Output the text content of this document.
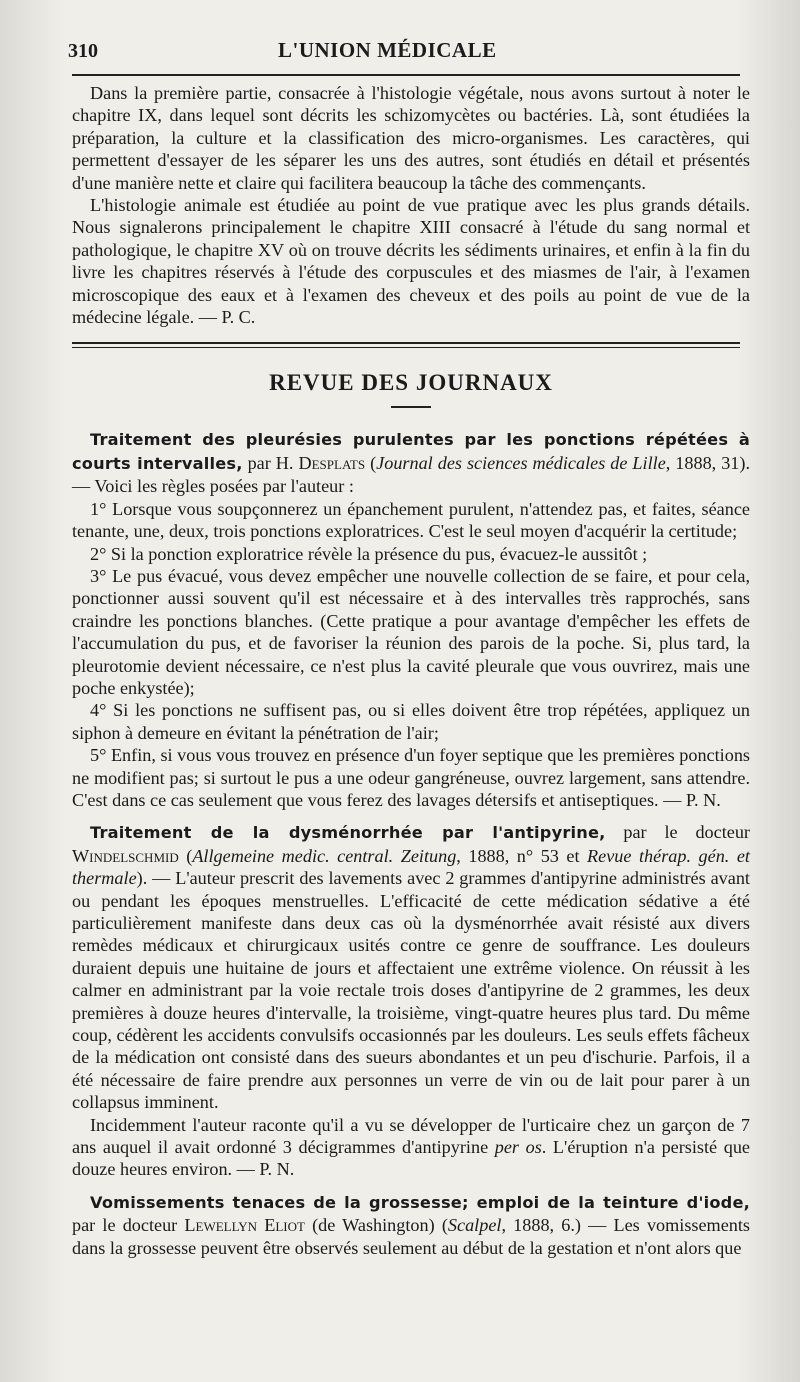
310	L'UNION MÉDICALE

Dans la première partie, consacrée à l'histologie végétale, nous avons surtout à noter le chapitre IX, dans lequel sont décrits les schizomycètes ou bactéries. Là, sont étudiées la préparation, la culture et la classification des micro-organismes. Les caractères, qui permettent d'essayer de les séparer les uns des autres, sont étudiés en détail et présentés d'une manière nette et claire qui facilitera beaucoup la tâche des commençants.

L'histologie animale est étudiée au point de vue pratique avec les plus grands détails. Nous signalerons principalement le chapitre XIII consacré à l'étude du sang normal et pathologique, le chapitre XV où on trouve décrits les sédiments urinaires, et enfin à la fin du livre les chapitres réservés à l'étude des corpuscules et des miasmes de l'air, à l'examen microscopique des eaux et à l'examen des cheveux et des poils au point de vue de la médecine légale. — P. C.

REVUE DES JOURNAUX

Traitement des pleurésies purulentes par les ponctions répétées à courts intervalles, par H. Desplats (Journal des sciences médicales de Lille, 1888, 31). — Voici les règles posées par l'auteur :

1° Lorsque vous soupçonnerez un épanchement purulent, n'attendez pas, et faites, séance tenante, une, deux, trois ponctions exploratrices. C'est le seul moyen d'acquérir la certitude;

2° Si la ponction exploratrice révèle la présence du pus, évacuez-le aussitôt ;

3° Le pus évacué, vous devez empêcher une nouvelle collection de se faire, et pour cela, ponctionner aussi souvent qu'il est nécessaire et à des intervalles très rapprochés, sans craindre les ponctions blanches. (Cette pratique a pour avantage d'empêcher les effets de l'accumulation du pus, et de favoriser la réunion des parois de la poche. Si, plus tard, la pleurotomie devient nécessaire, ce n'est plus la cavité pleurale que vous ouvrirez, mais une poche enkystée);

4° Si les ponctions ne suffisent pas, ou si elles doivent être trop répétées, appliquez un siphon à demeure en évitant la pénétration de l'air;

5° Enfin, si vous vous trouvez en présence d'un foyer septique que les premières ponctions ne modifient pas; si surtout le pus a une odeur gangréneuse, ouvrez largement, sans attendre. C'est dans ce cas seulement que vous ferez des lavages détersifs et antiseptiques. — P. N.

Traitement de la dysménorrhée par l'antipyrine, par le docteur Windelschmid (Allgemeine medic. central. Zeitung, 1888, n° 53 et Revue thérap. gén. et thermale). — L'auteur prescrit des lavements avec 2 grammes d'antipyrine administrés avant ou pendant les époques menstruelles. L'efficacité de cette médication sédative a été particulièrement manifeste dans deux cas où la dysménorrhée avait résisté aux divers remèdes médicaux et chirurgicaux usités contre ce genre de souffrance. Les douleurs duraient depuis une huitaine de jours et affectaient une extrême violence. On réussit à les calmer en administrant par la voie rectale trois doses d'antipyrine de 2 grammes, les deux premières à douze heures d'intervalle, la troisième, vingt-quatre heures plus tard. Du même coup, cédèrent les accidents convulsifs occasionnés par les douleurs. Les seuls effets fâcheux de la médication ont consisté dans des sueurs abondantes et un peu d'ischurie. Parfois, il a été nécessaire de faire prendre aux personnes un verre de vin ou de lait pour parer à un collapsus imminent.

Incidemment l'auteur raconte qu'il a vu se développer de l'urticaire chez un garçon de 7 ans auquel il avait ordonné 3 décigrammes d'antipyrine per os. L'éruption n'a persisté que douze heures environ. — P. N.

Vomissements tenaces de la grossesse; emploi de la teinture d'iode, par le docteur Lewellyn Eliot (de Washington) (Scalpel, 1888, 6.) — Les vomissements dans la grossesse peuvent être observés seulement au début de la gestation et n'ont alors que
